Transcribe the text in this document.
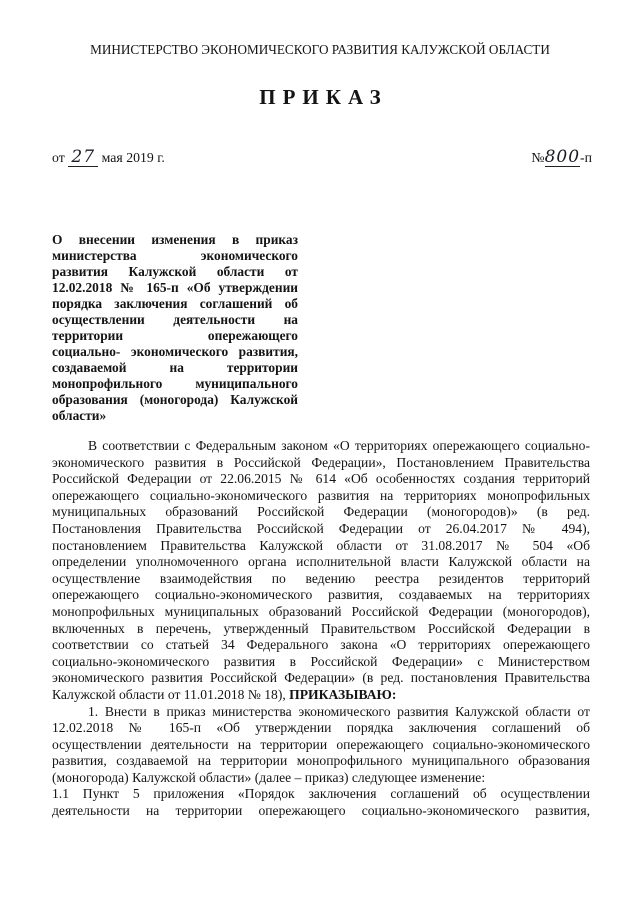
МИНИСТЕРСТВО ЭКОНОМИЧЕСКОГО РАЗВИТИЯ КАЛУЖСКОЙ ОБЛАСТИ
ПРИКАЗ
от 27 мая 2019 г.	№800-п
О внесении изменения в приказ
министерства экономического
развития Калужской области от
12.02.2018 № 165-п «Об утверждении
порядка заключения соглашений об
осуществлении деятельности на
территории опережающего
социально- экономического развития,
создаваемой на территории
монопрофильного муниципального
образования (моногорода) Калужской
области»
В соответствии с Федеральным законом «О территориях опережающего социально-
экономического развития в Российской Федерации», Постановлением Правительства
Российской Федерации от 22.06.2015 № 614 «Об особенностях создания территорий
опережающего социально-экономического развития на территориях монопрофильных
муниципальных образований Российской Федерации (моногородов)» (в ред.
Постановления Правительства Российской Федерации от 26.04.2017 № 494),
постановлением Правительства Калужской области от 31.08.2017 № 504 «Об
определении уполномоченного органа исполнительной власти Калужской области на
осуществление взаимодействия по ведению реестра резидентов территорий
опережающего социально-экономического развития, создаваемых на территориях
монопрофильных муниципальных образований Российской Федерации (моногородов),
включенных в перечень, утвержденный Правительством Российской Федерации в
соответствии со статьей 34 Федерального закона «О территориях опережающего
социально-экономического развития в Российской Федерации» с Министерством
экономического развития Российской Федерации» (в ред. постановления Правительства
Калужской области от 11.01.2018 № 18), ПРИКАЗЫВАЮ:
1. Внести в приказ министерства экономического развития Калужской области от
12.02.2018 № 165-п «Об утверждении порядка заключения соглашений об
осуществлении деятельности на территории опережающего социально-экономического
развития, создаваемой на территории монопрофильного муниципального образования
(моногорода) Калужской области» (далее – приказ) следующее изменение:
1.1 Пункт 5 приложения «Порядок заключения соглашений об осуществлении
деятельности на территории опережающего социально-экономического развития,
